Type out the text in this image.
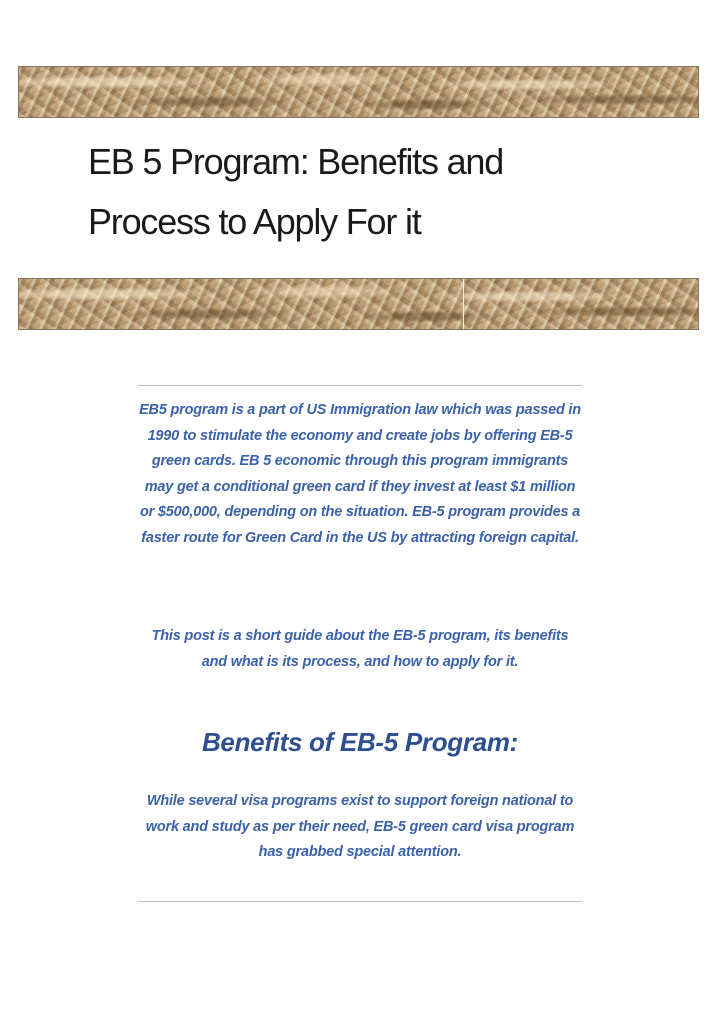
EB 5 Program: Benefits and
Process to Apply For it

EB5 program is a part of US Immigration law which was passed in 1990 to stimulate the economy and create jobs by offering EB-5 green cards. EB 5 economic through this program immigrants may get a conditional green card if they invest at least $1 million or $500,000, depending on the situation. EB-5 program provides a faster route for Green Card in the US by attracting foreign capital.

This post is a short guide about the EB-5 program, its benefits and what is its process, and how to apply for it.

Benefits of EB-5 Program:

While several visa programs exist to support foreign national to work and study as per their need, EB-5 green card visa program has grabbed special attention.
